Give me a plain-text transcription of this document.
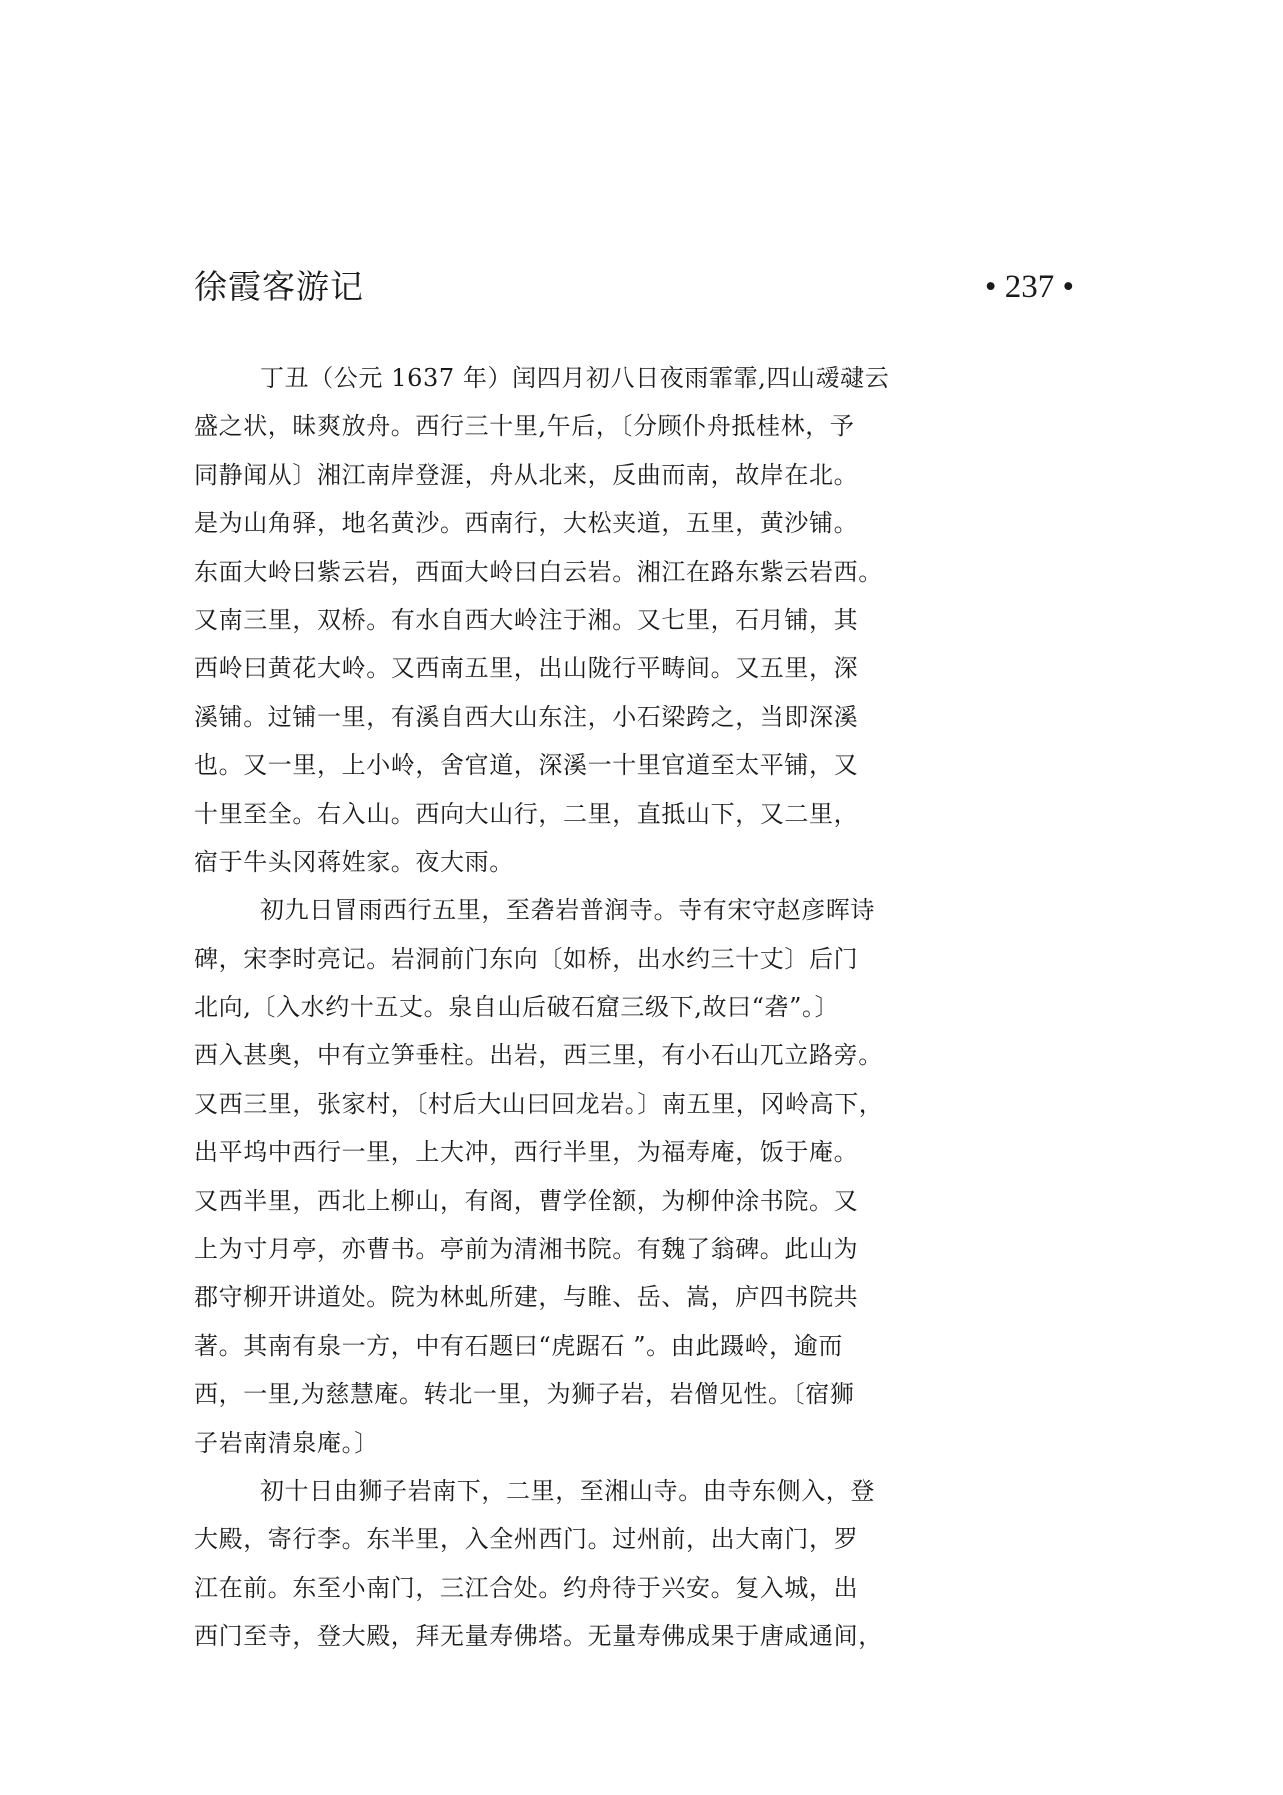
徐霞客游记	• 237 •
丁丑（公元 1637 年）闰四月初八日夜雨霏霏,四山叆叇云
盛之状，昧爽放舟。西行三十里,午后，〔分顾仆舟抵桂林，予
同静闻从〕湘江南岸登涯，舟从北来，反曲而南，故岸在北。
是为山角驿，地名黄沙。西南行，大松夹道，五里，黄沙铺。
东面大岭曰紫云岩，西面大岭曰白云岩。湘江在路东紫云岩西。
又南三里，双桥。有水自西大岭注于湘。又七里，石月铺，其
西岭曰黄花大岭。又西南五里，出山陇行平畴间。又五里，深
溪铺。过铺一里，有溪自西大山东注，小石梁跨之，当即深溪
也。又一里，上小岭，舍官道，深溪一十里官道至太平铺，又
十里至全。右入山。西向大山行，二里，直抵山下，又二里，
宿于牛头冈蒋姓家。夜大雨。
初九日冒雨西行五里，至砻岩普润寺。寺有宋守赵彦晖诗
碑，宋李时亮记。岩洞前门东向〔如桥，出水约三十丈〕后门
北向,〔入水约十五丈。泉自山后破石窟三级下,故曰“砻”。〕
西入甚奥，中有立笋垂柱。出岩，西三里，有小石山兀立路旁。
又西三里，张家村，〔村后大山曰回龙岩。〕南五里，冈岭高下，
出平坞中西行一里，上大冲，西行半里，为福寿庵，饭于庵。
又西半里，西北上柳山，有阁，曹学佺额，为柳仲涂书院。又
上为寸月亭，亦曹书。亭前为清湘书院。有魏了翁碑。此山为
郡守柳开讲道处。院为林虬所建，与睢、岳、嵩，庐四书院共
著。其南有泉一方，中有石题曰“虎踞石 ”。由此蹑岭，逾而
西，一里,为慈慧庵。转北一里，为狮子岩，岩僧见性。〔宿狮
子岩南清泉庵。〕
初十日由狮子岩南下，二里，至湘山寺。由寺东侧入，登
大殿，寄行李。东半里，入全州西门。过州前，出大南门，罗
江在前。东至小南门，三江合处。约舟待于兴安。复入城，出
西门至寺，登大殿，拜无量寿佛塔。无量寿佛成果于唐咸通间，
